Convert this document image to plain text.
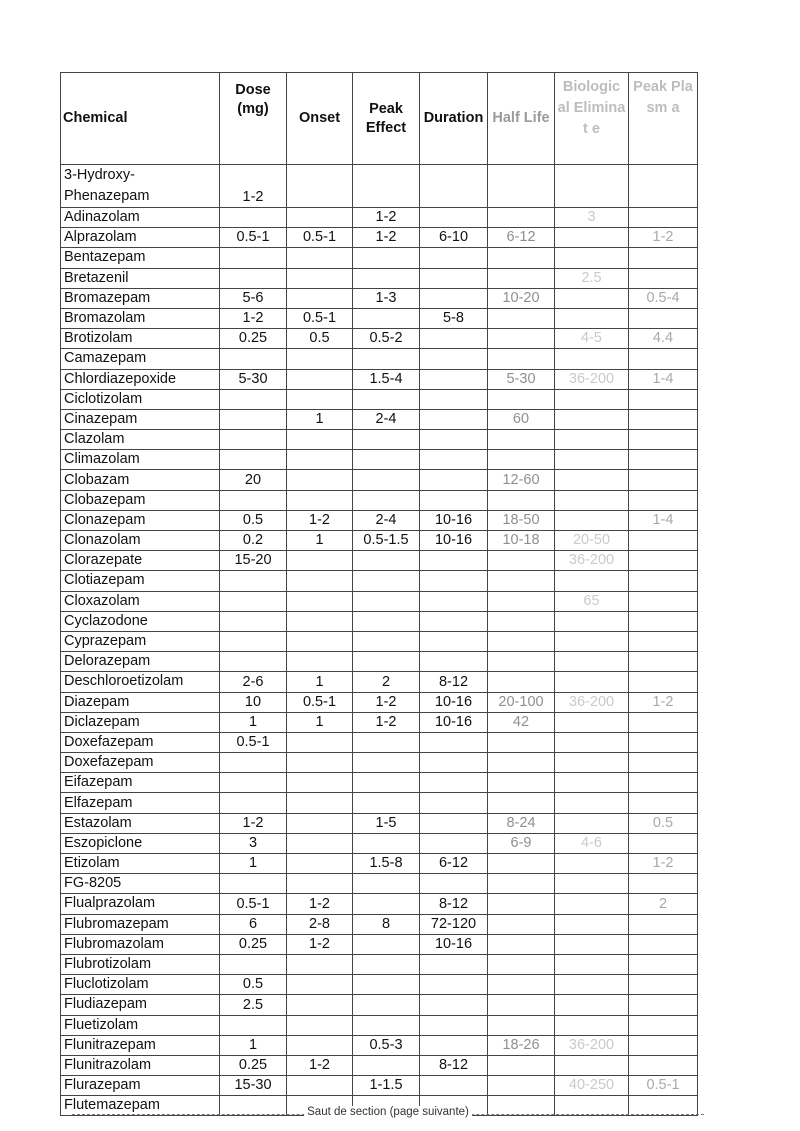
Chemical	Dose (mg)	Onset	Peak Effect	Duration	Half Life	Biologic al Eliminat e	Peak Plasm a
3-Hydroxy-Phenazepam	1-2						
Adinazolam			1-2			3	
Alprazolam	0.5-1	0.5-1	1-2	6-10	6-12		1-2
Bentazepam							
Bretazenil						2.5	
Bromazepam	5-6		1-3		10-20		0.5-4
Bromazolam	1-2	0.5-1		5-8			
Brotizolam	0.25	0.5	0.5-2			4-5	4.4
Camazepam							
Chlordiazepoxide	5-30		1.5-4		5-30	36-200	1-4
Ciclotizolam							
Cinazepam		1	2-4		60		
Clazolam							
Climazolam							
Clobazam	20				12-60		
Clobazepam							
Clonazepam	0.5	1-2	2-4	10-16	18-50		1-4
Clonazolam	0.2	1	0.5-1.5	10-16	10-18	20-50	
Clorazepate	15-20					36-200	
Clotiazepam							
Cloxazolam						65	
Cyclazodone							
Cyprazepam							
Delorazepam							
Deschloroetizolam	2-6	1	2	8-12			
Diazepam	10	0.5-1	1-2	10-16	20-100	36-200	1-2
Diclazepam	1	1	1-2	10-16	42		
Doxefazepam	0.5-1						
Doxefazepam							
Eifazepam							
Elfazepam							
Estazolam	1-2		1-5		8-24		0.5
Eszopiclone	3				6-9	4-6	
Etizolam	1		1.5-8	6-12			1-2
FG-8205							
Flualprazolam	0.5-1	1-2		8-12			2
Flubromazepam	6	2-8	8	72-120			
Flubromazolam	0.25	1-2		10-16			
Flubrotizolam							
Fluclotizolam	0.5						
Fludiazepam	2.5						
Fluetizolam							
Flunitrazepam	1		0.5-3		18-26	36-200	
Flunitrazolam	0.25	1-2		8-12			
Flurazepam	15-30		1-1.5			40-250	0.5-1
Flutemazepam								Saut de section (page suivante)
